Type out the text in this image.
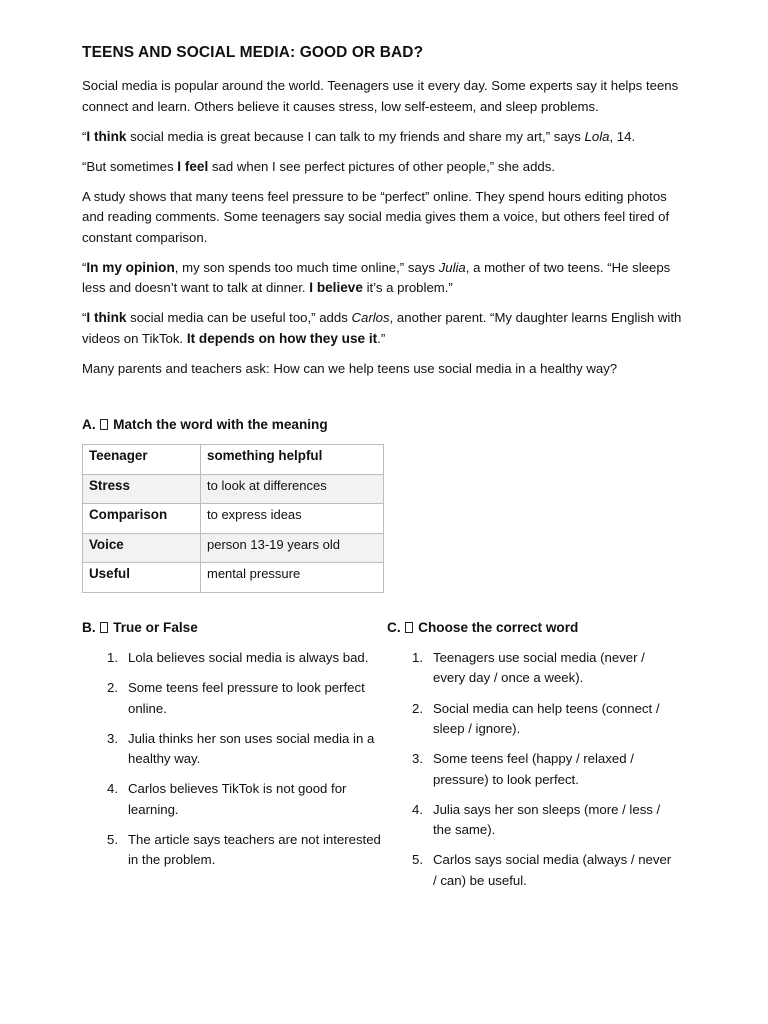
TEENS AND SOCIAL MEDIA: GOOD OR BAD?

Social media is popular around the world. Teenagers use it every day. Some experts say it helps teens connect and learn. Others believe it causes stress, low self-esteem, and sleep problems.

“I think social media is great because I can talk to my friends and share my art,” says Lola, 14.

“But sometimes I feel sad when I see perfect pictures of other people,” she adds.

A study shows that many teens feel pressure to be “perfect” online. They spend hours editing photos and reading comments. Some teenagers say social media gives them a voice, but others feel tired of constant comparison.

“In my opinion, my son spends too much time online,” says Julia, a mother of two teens. “He sleeps less and doesn’t want to talk at dinner. I believe it’s a problem.”

“I think social media can be useful too,” adds Carlos, another parent. “My daughter learns English with videos on TikTok. It depends on how they use it.”

Many parents and teachers ask: How can we help teens use social media in a healthy way?

A. Match the word with the meaning

Teenager	something helpful
Stress	to look at differences
Comparison	to express ideas
Voice	person 13-19 years old
Useful	mental pressure

B. True or False

1. Lola believes social media is always bad.
2. Some teens feel pressure to look perfect online.
3. Julia thinks her son uses social media in a healthy way.
4. Carlos believes TikTok is not good for learning.
5. The article says teachers are not interested in the problem.

C. Choose the correct word

1. Teenagers use social media (never / every day / once a week).
2. Social media can help teens (connect / sleep / ignore).
3. Some teens feel (happy / relaxed / pressure) to look perfect.
4. Julia says her son sleeps (more / less / the same).
5. Carlos says social media (always / never / can) be useful.
